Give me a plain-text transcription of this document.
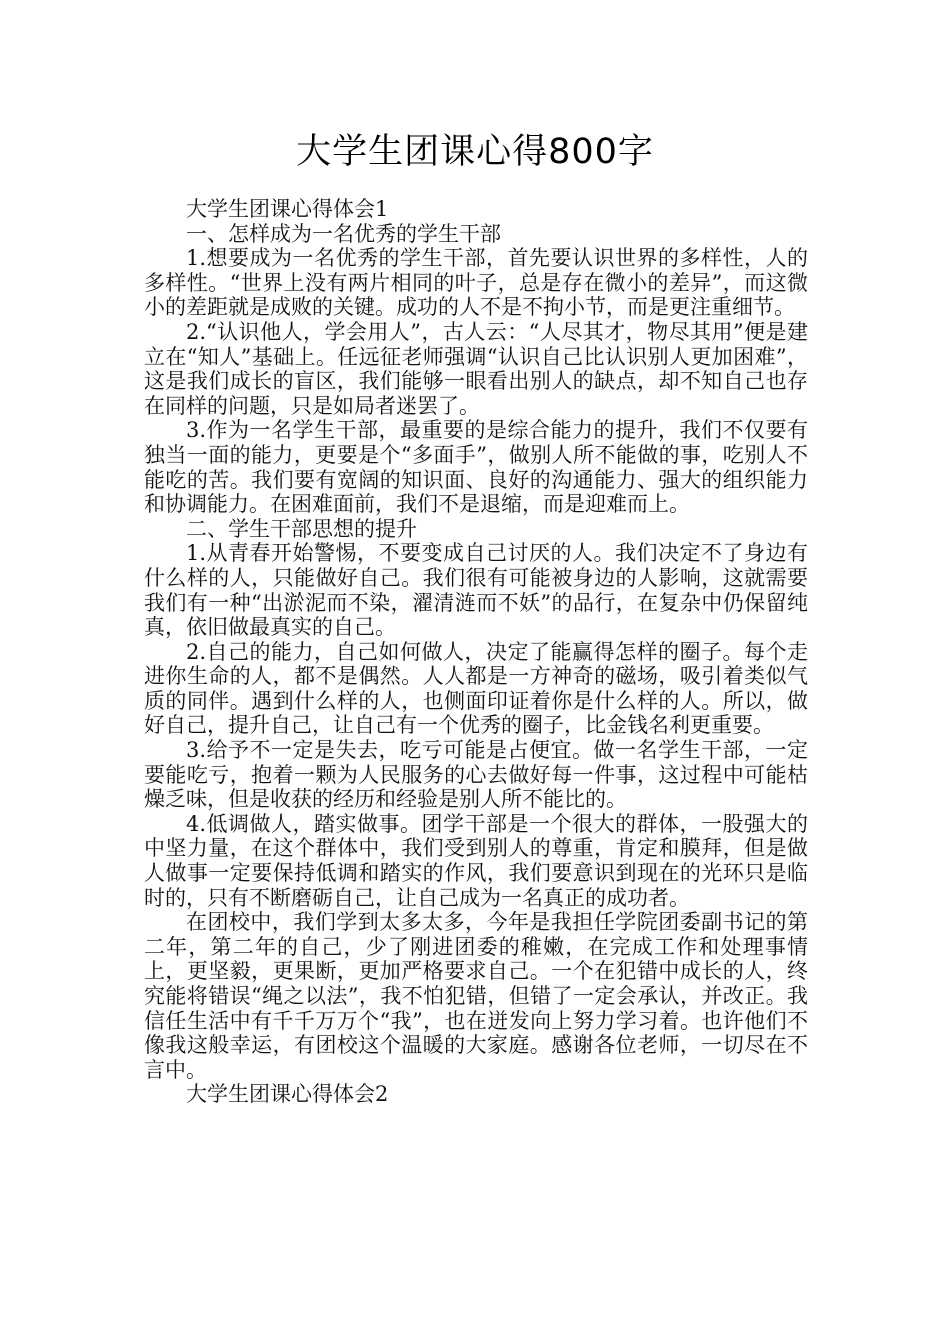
大学生团课心得800字

大学生团课心得体会1

一、怎样成为一名优秀的学生干部

1.想要成为一名优秀的学生干部，首先要认识世界的多样性，人的多样性。“世界上没有两片相同的叶子，总是存在微小的差异”，而这微小的差距就是成败的关键。成功的人不是不拘小节，而是更注重细节。

2.“认识他人，学会用人”，古人云：“人尽其才，物尽其用”便是建立在“知人”基础上。任远征老师强调“认识自己比认识别人更加困难”，这是我们成长的盲区，我们能够一眼看出别人的缺点，却不知自己也存在同样的问题，只是如局者迷罢了。

3.作为一名学生干部，最重要的是综合能力的提升，我们不仅要有独当一面的能力，更要是个“多面手”，做别人所不能做的事，吃别人不能吃的苦。我们要有宽阔的知识面、良好的沟通能力、强大的组织能力和协调能力。在困难面前，我们不是退缩，而是迎难而上。

二、学生干部思想的提升

1.从青春开始警惕，不要变成自己讨厌的人。我们决定不了身边有什么样的人，只能做好自己。我们很有可能被身边的人影响，这就需要我们有一种“出淤泥而不染，濯清涟而不妖”的品行，在复杂中仍保留纯真，依旧做最真实的自己。

2.自己的能力，自己如何做人，决定了能赢得怎样的圈子。每个走进你生命的人，都不是偶然。人人都是一方神奇的磁场，吸引着类似气质的同伴。遇到什么样的人，也侧面印证着你是什么样的人。所以，做好自己，提升自己，让自己有一个优秀的圈子，比金钱名利更重要。

3.给予不一定是失去，吃亏可能是占便宜。做一名学生干部，一定要能吃亏，抱着一颗为人民服务的心去做好每一件事，这过程中可能枯燥乏味，但是收获的经历和经验是别人所不能比的。

4.低调做人，踏实做事。团学干部是一个很大的群体，一股强大的中坚力量，在这个群体中，我们受到别人的尊重，肯定和膜拜，但是做人做事一定要保持低调和踏实的作风，我们要意识到现在的光环只是临时的，只有不断磨砺自己，让自己成为一名真正的成功者。

在团校中，我们学到太多太多，今年是我担任学院团委副书记的第二年，第二年的自己，少了刚进团委的稚嫩，在完成工作和处理事情上，更坚毅，更果断，更加严格要求自己。一个在犯错中成长的人，终究能将错误“绳之以法”，我不怕犯错，但错了一定会承认，并改正。我信任生活中有千千万万个“我”，也在迸发向上努力学习着。也许他们不像我这般幸运，有团校这个温暖的大家庭。感谢各位老师，一切尽在不言中。

大学生团课心得体会2
